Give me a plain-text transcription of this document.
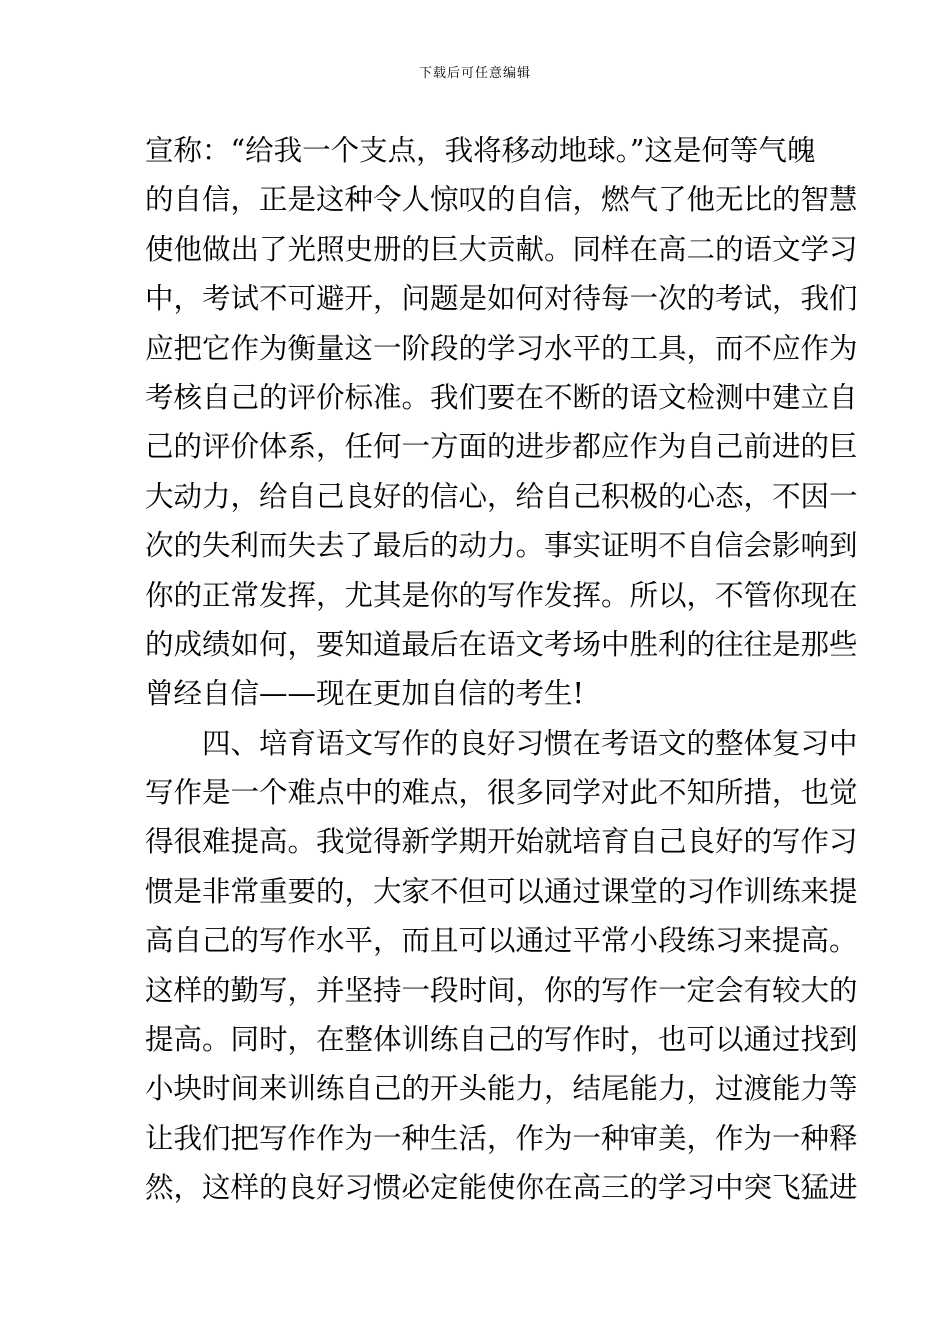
下载后可任意编辑
宣称：“给我一个支点，我将移动地球。”这是何等气魄
的自信，正是这种令人惊叹的自信，燃气了他无比的智慧
使他做出了光照史册的巨大贡献。同样在高二的语文学习
中，考试不可避开，问题是如何对待每一次的考试，我们
应把它作为衡量这一阶段的学习水平的工具，而不应作为
考核自己的评价标准。我们要在不断的语文检测中建立自
己的评价体系，任何一方面的进步都应作为自己前进的巨
大动力，给自己良好的信心，给自己积极的心态，不因一
次的失利而失去了最后的动力。事实证明不自信会影响到
你的正常发挥，尤其是你的写作发挥。所以，不管你现在
的成绩如何，要知道最后在语文考场中胜利的往往是那些
曾经自信——现在更加自信的考生!
四、培育语文写作的良好习惯在考语文的整体复习中
写作是一个难点中的难点，很多同学对此不知所措，也觉
得很难提高。我觉得新学期开始就培育自己良好的写作习
惯是非常重要的，大家不但可以通过课堂的习作训练来提
高自己的写作水平，而且可以通过平常小段练习来提高。
这样的勤写，并坚持一段时间，你的写作一定会有较大的
提高。同时，在整体训练自己的写作时，也可以通过找到
小块时间来训练自己的开头能力，结尾能力，过渡能力等
让我们把写作作为一种生活，作为一种审美，作为一种释
然，这样的良好习惯必定能使你在高三的学习中突飞猛进
